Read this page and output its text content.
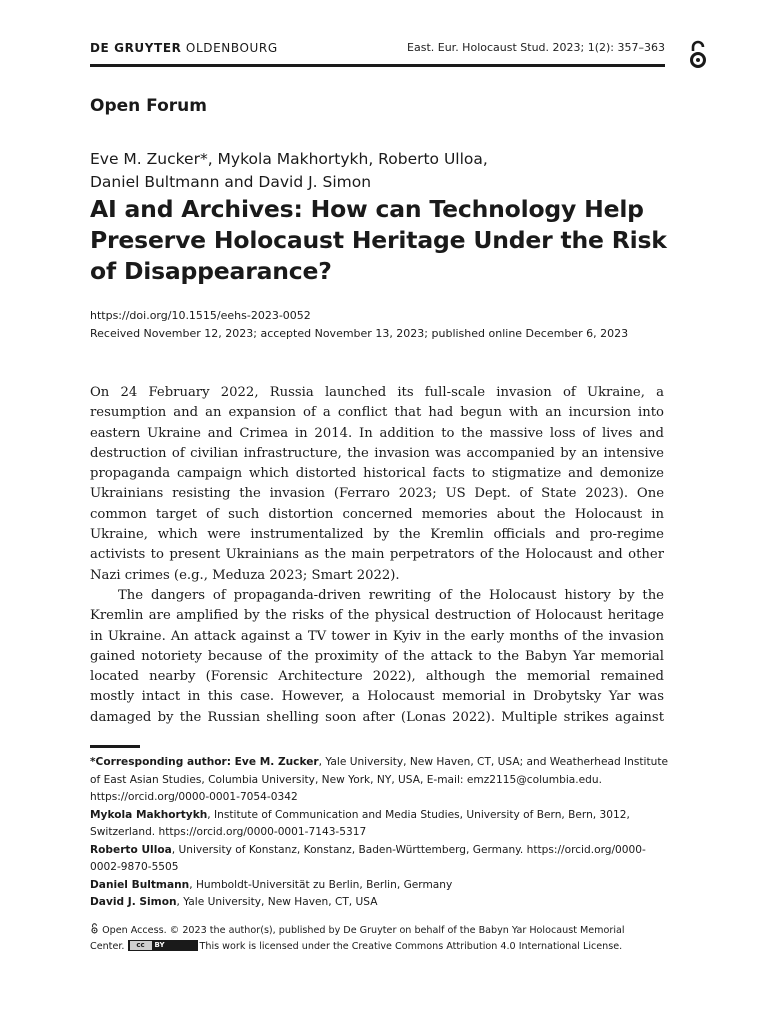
DE GRUYTER OLDENBOURG	East. Eur. Holocaust Stud. 2023; 1(2): 357–363
Open Forum
Eve M. Zucker*, Mykola Makhortykh, Roberto Ulloa,
Daniel Bultmann and David J. Simon
AI and Archives: How can Technology Help
Preserve Holocaust Heritage Under the Risk
of Disappearance?
https://doi.org/10.1515/eehs-2023-0052
Received November 12, 2023; accepted November 13, 2023; published online December 6, 2023

On 24 February 2022, Russia launched its full-scale invasion of Ukraine, a resumption and an expansion of a conflict that had begun with an incursion into eastern Ukraine and Crimea in 2014. In addition to the massive loss of lives and destruction of civilian infrastructure, the invasion was accompanied by an intensive propaganda campaign which distorted historical facts to stigmatize and demonize Ukrainians resisting the invasion (Ferraro 2023; US Dept. of State 2023). One common target of such distortion concerned memories about the Holocaust in Ukraine, which were instrumentalized by the Kremlin officials and pro-regime activists to present Ukrainians as the main perpetrators of the Holocaust and other Nazi crimes (e.g., Meduza 2023; Smart 2022).

The dangers of propaganda-driven rewriting of the Holocaust history by the Kremlin are amplified by the risks of the physical destruction of Holocaust heritage in Ukraine. An attack against a TV tower in Kyiv in the early months of the invasion gained notoriety because of the proximity of the attack to the Babyn Yar memorial located nearby (Forensic Architecture 2022), although the memorial remained mostly intact in this case. However, a Holocaust memorial in Drobytsky Yar was damaged by the Russian shelling soon after (Lonas 2022). Multiple strikes against

*Corresponding author: Eve M. Zucker, Yale University, New Haven, CT, USA; and Weatherhead Institute of East Asian Studies, Columbia University, New York, NY, USA, E-mail: emz2115@columbia.edu. https://orcid.org/0000-0001-7054-0342

Mykola Makhortykh, Institute of Communication and Media Studies, University of Bern, Bern, 3012, Switzerland. https://orcid.org/0000-0001-7143-5317

Roberto Ulloa, University of Konstanz, Konstanz, Baden-Württemberg, Germany. https://orcid.org/0000-0002-9870-5505

Daniel Bultmann, Humboldt-Universität zu Berlin, Berlin, Germany

David J. Simon, Yale University, New Haven, CT, USA

Open Access. © 2023 the author(s), published by De Gruyter on behalf of the Babyn Yar Holocaust Memorial

Center.	cc	BY	This work is licensed under the Creative Commons Attribution 4.0 International License.
